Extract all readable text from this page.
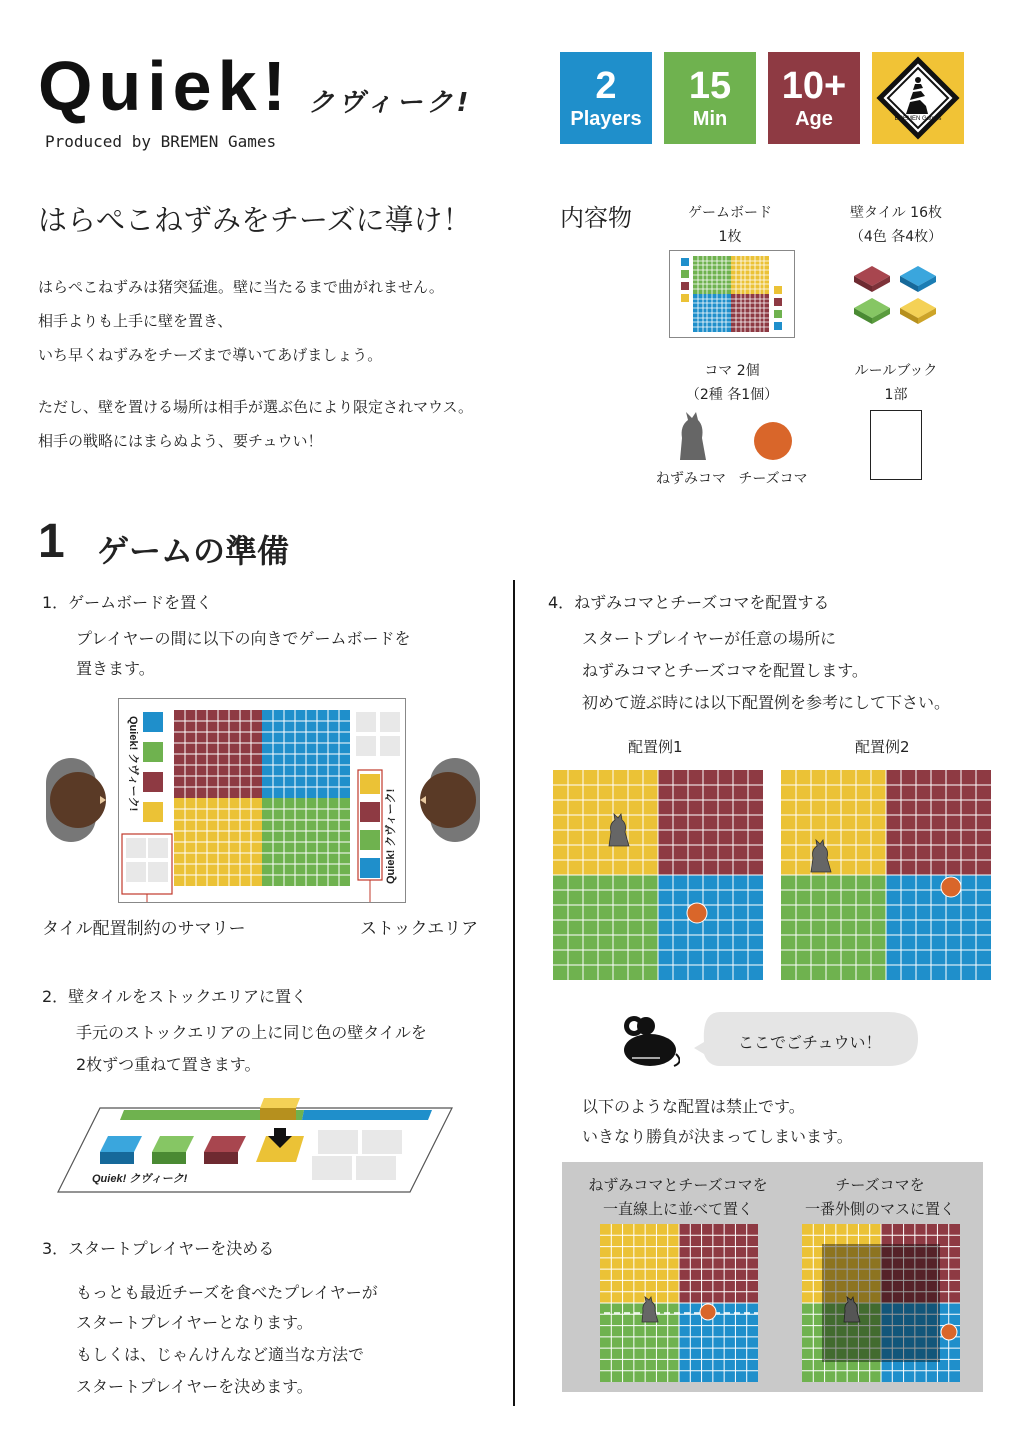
Quiek! クヴィーク!
Produced by BREMEN Games
2
Players
15
Min
10+
Age	BREMEN Games
はらぺこねずみをチーズに導け！
はらぺこねずみは猪突猛進。壁に当たるまで曲がれません。
相手よりも上手に壁を置き、
いち早くねずみをチーズまで導いてあげましょう。
ただし、壁を置ける場所は相手が選ぶ色により限定されマウス。
相手の戦略にはまらぬよう、要チュウい！
内容物	ゲームボード
1枚
壁タイル 16枚
（4色 各4枚）
コマ 2個
（2種 各1個）
ルールブック
1部
ねずみコマ チーズコマ
1 ゲームの準備
1．ゲームボードを置く
プレイヤーの間に以下の向きでゲームボードを
置きます。
Quiek! クヴィーク!
Quiek! クヴィーク!
タイル配置制約のサマリー	ストックエリア
2．壁タイルをストックエリアに置く
手元のストックエリアの上に同じ色の壁タイルを
2枚ずつ重ねて置きます。
Quiek! クヴィーク!
3．スタートプレイヤーを決める
もっとも最近チーズを食べたプレイヤーが
スタートプレイヤーとなります。
もしくは、じゃんけんなど適当な方法で
スタートプレイヤーを決めます。
4．ねずみコマとチーズコマを配置する
スタートプレイヤーが任意の場所に
ねずみコマとチーズコマを配置します。
初めて遊ぶ時には以下配置例を参考にして下さい。
配置例1	配置例2
ここでごチュウい！
以下のような配置は禁止です。
いきなり勝負が決まってしまいます。
ねずみコマとチーズコマを
一直線上に並べて置く
チーズコマを
一番外側のマスに置く
